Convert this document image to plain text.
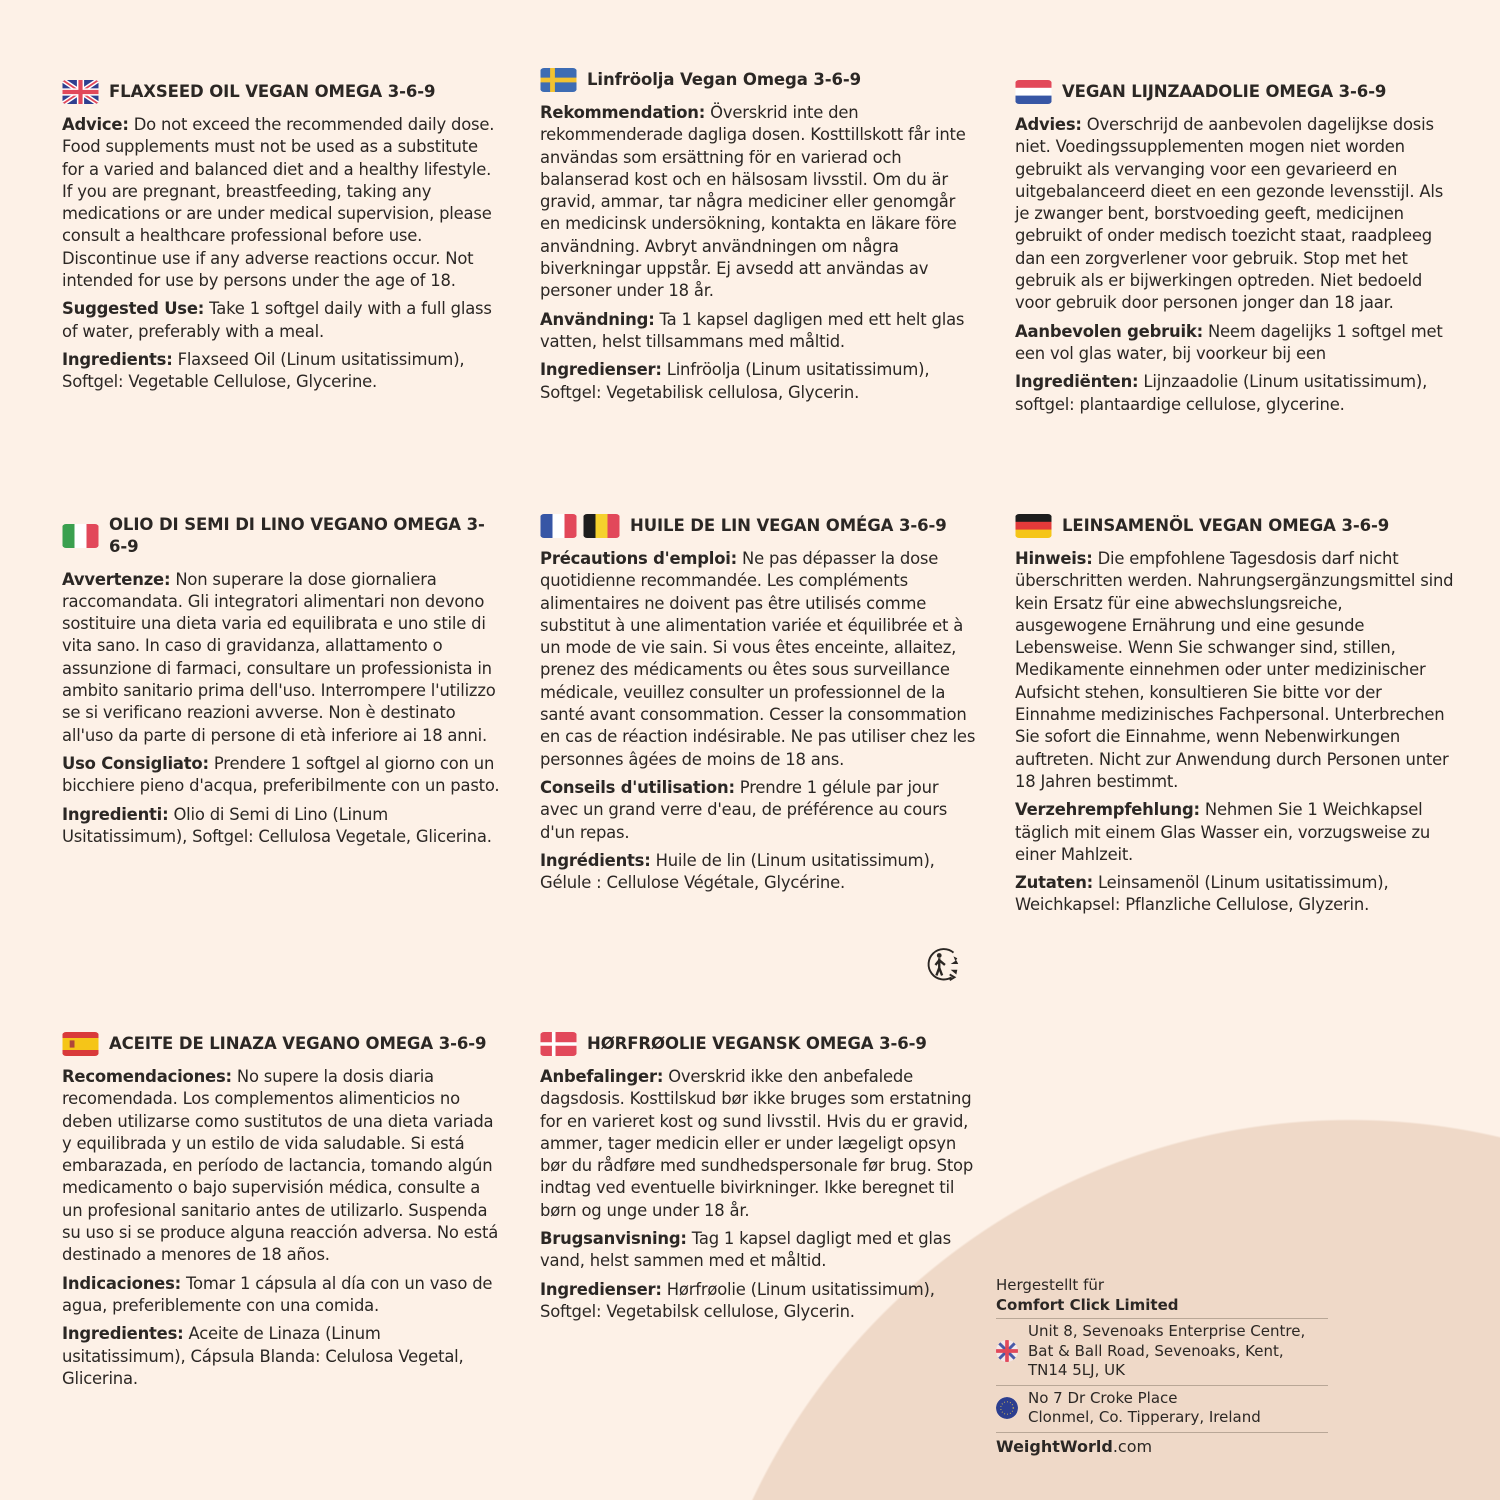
FLAXSEED OIL VEGAN OMEGA 3-6-9

Advice: Do not exceed the recommended daily dose. Food supplements must not be used as a substitute for a varied and balanced diet and a healthy lifestyle. If you are pregnant, breastfeeding, taking any medications or are under medical supervision, please consult a healthcare professional before use. Discontinue use if any adverse reactions occur. Not intended for use by persons under the age of 18.

Suggested Use: Take 1 softgel daily with a full glass of water, preferably with a meal.

Ingredients: Flaxseed Oil (Linum usitatissimum), Softgel: Vegetable Cellulose, Glycerine.

Linfröolja Vegan Omega 3-6-9

Rekommendation: Överskrid inte den rekommenderade dagliga dosen. Kosttillskott får inte användas som ersättning för en varierad och balanserad kost och en hälsosam livsstil. Om du är gravid, ammar, tar några mediciner eller genomgår en medicinsk undersökning, kontakta en läkare före användning. Avbryt användningen om några biverkningar uppstår. Ej avsedd att användas av personer under 18 år.

Användning: Ta 1 kapsel dagligen med ett helt glas vatten, helst tillsammans med måltid.

Ingredienser: Linfröolja (Linum usitatissimum), Softgel: Vegetabilisk cellulosa, Glycerin.

VEGAN LIJNZAADOLIE OMEGA 3-6-9

Advies: Overschrijd de aanbevolen dagelijkse dosis niet. Voedingssupplementen mogen niet worden gebruikt als vervanging voor een gevarieerd en uitgebalanceerd dieet en een gezonde levensstijl. Als je zwanger bent, borstvoeding geeft, medicijnen gebruikt of onder medisch toezicht staat, raadpleeg dan een zorgverlener voor gebruik. Stop met het gebruik als er bijwerkingen optreden. Niet bedoeld voor gebruik door personen jonger dan 18 jaar.

Aanbevolen gebruik: Neem dagelijks 1 softgel met een vol glas water, bij voorkeur bij een

Ingrediënten: Lijnzaadolie (Linum usitatissimum), softgel: plantaardige cellulose, glycerine.

OLIO DI SEMI DI LINO VEGANO OMEGA 3-6-9

Avvertenze: Non superare la dose giornaliera raccomandata. Gli integratori alimentari non devono sostituire una dieta varia ed equilibrata e uno stile di vita sano. In caso di gravidanza, allattamento o assunzione di farmaci, consultare un professionista in ambito sanitario prima dell'uso. Interrompere l'utilizzo se si verificano reazioni avverse. Non è destinato all'uso da parte di persone di età inferiore ai 18 anni.

Uso Consigliato: Prendere 1 softgel al giorno con un bicchiere pieno d'acqua, preferibilmente con un pasto.

Ingredienti: Olio di Semi di Lino (Linum Usitatissimum), Softgel: Cellulosa Vegetale, Glicerina.

HUILE DE LIN VEGAN OMÉGA 3-6-9

Précautions d'emploi: Ne pas dépasser la dose quotidienne recommandée. Les compléments alimentaires ne doivent pas être utilisés comme substitut à une alimentation variée et équilibrée et à un mode de vie sain. Si vous êtes enceinte, allaitez, prenez des médicaments ou êtes sous surveillance médicale, veuillez consulter un professionnel de la santé avant consommation. Cesser la consommation en cas de réaction indésirable. Ne pas utiliser chez les personnes âgées de moins de 18 ans.

Conseils d'utilisation: Prendre 1 gélule par jour avec un grand verre d'eau, de préférence au cours d'un repas.

Ingrédients: Huile de lin (Linum usitatissimum), Gélule : Cellulose Végétale, Glycérine.

LEINSAMENÖL VEGAN OMEGA 3-6-9

Hinweis: Die empfohlene Tagesdosis darf nicht überschritten werden. Nahrungsergänzungsmittel sind kein Ersatz für eine abwechslungsreiche, ausgewogene Ernährung und eine gesunde Lebensweise. Wenn Sie schwanger sind, stillen, Medikamente einnehmen oder unter medizinischer Aufsicht stehen, konsultieren Sie bitte vor der Einnahme medizinisches Fachpersonal. Unterbrechen Sie sofort die Einnahme, wenn Nebenwirkungen auftreten. Nicht zur Anwendung durch Personen unter 18 Jahren bestimmt.

Verzehrempfehlung: Nehmen Sie 1 Weichkapsel täglich mit einem Glas Wasser ein, vorzugsweise zu einer Mahlzeit.

Zutaten: Leinsamenöl (Linum usitatissimum), Weichkapsel: Pflanzliche Cellulose, Glyzerin.

ACEITE DE LINAZA VEGANO OMEGA 3-6-9

Recomendaciones: No supere la dosis diaria recomendada. Los complementos alimenticios no deben utilizarse como sustitutos de una dieta variada y equilibrada y un estilo de vida saludable. Si está embarazada, en período de lactancia, tomando algún medicamento o bajo supervisión médica, consulte a un profesional sanitario antes de utilizarlo. Suspenda su uso si se produce alguna reacción adversa. No está destinado a menores de 18 años.

Indicaciones: Tomar 1 cápsula al día con un vaso de agua, preferiblemente con una comida.

Ingredientes: Aceite de Linaza (Linum usitatissimum), Cápsula Blanda: Celulosa Vegetal, Glicerina.

HØRFRØOLIE VEGANSK OMEGA 3-6-9

Anbefalinger: Overskrid ikke den anbefalede dagsdosis. Kosttilskud bør ikke bruges som erstatning for en varieret kost og sund livsstil. Hvis du er gravid, ammer, tager medicin eller er under lægeligt opsyn bør du rådføre med sundhedspersonale før brug. Stop indtag ved eventuelle bivirkninger. Ikke beregnet til børn og unge under 18 år.

Brugsanvisning: Tag 1 kapsel dagligt med et glas vand, helst sammen med et måltid.

Ingredienser: Hørfrøolie (Linum usitatissimum), Softgel: Vegetabilsk cellulose, Glycerin.

Hergestellt für
Comfort Click Limited
Unit 8, Sevenoaks Enterprise Centre,
Bat & Ball Road, Sevenoaks, Kent,
TN14 5LJ, UK
No 7 Dr Croke Place
Clonmel, Co. Tipperary, Ireland
WeightWorld.com
